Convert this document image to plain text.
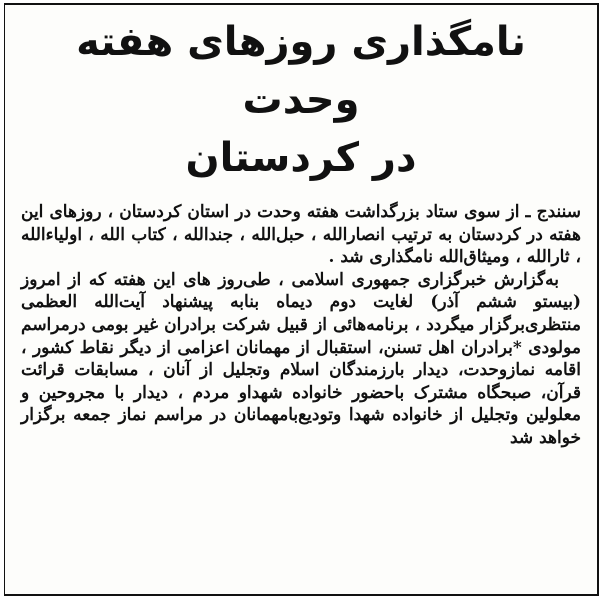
نامگذاری روزهای هفته وحدت
در کردستان

سنندج ـ از سوی ستاد بزرگداشت هفته وحدت در استان کردستان ، روزهای این هفته در کردستان به ترتیب انصارالله ، حبل‌الله ، جندالله ، کتاب الله ، اولیاءالله ، ثارالله ، ومیثاق‌الله نامگذاری شد .

به‌گزارش خبرگزاری جمهوری اسلامی ، طی‌روز های این هفته که از امروز (بیستو ششم آذر) لغایت دوم دیماه بنابه پیشنهاد آیت‌الله العظمی منتظری‌برگزار میگردد ، برنامه‌هائی از قبیل شرکت برادران غیر بومی درمراسم مولودی *برادران اهل تسنن، استقبال از مهمانان اعزامی از دیگر نقاط کشور ، اقامه نمازوحدت، دیدار بارزمندگان اسلام وتجلیل از آنان ، مسابقات قرائت قرآن، صبحگاه مشترک باحضور خانواده شهداو مردم ، دیدار با مجروحین و معلولین وتجلیل از خانواده شهدا وتودیع‌بامهمانان در مراسم نماز جمعه برگزار خواهد شد
